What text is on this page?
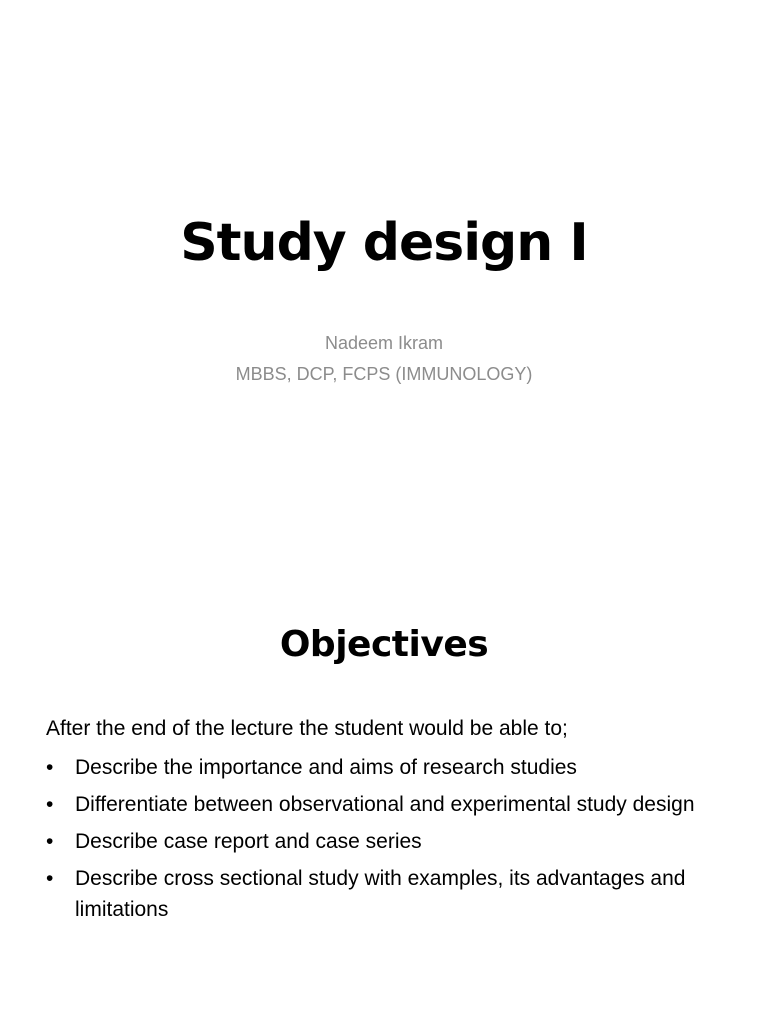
Study design I
Nadeem Ikram
MBBS, DCP, FCPS (IMMUNOLOGY)
Objectives
After the end of the lecture the student would be able to;
•	Describe the importance and aims of research studies
•	Differentiate between observational and experimental study design
•	Describe case report and case series
•	Describe cross sectional study with examples, its advantages and limitations
